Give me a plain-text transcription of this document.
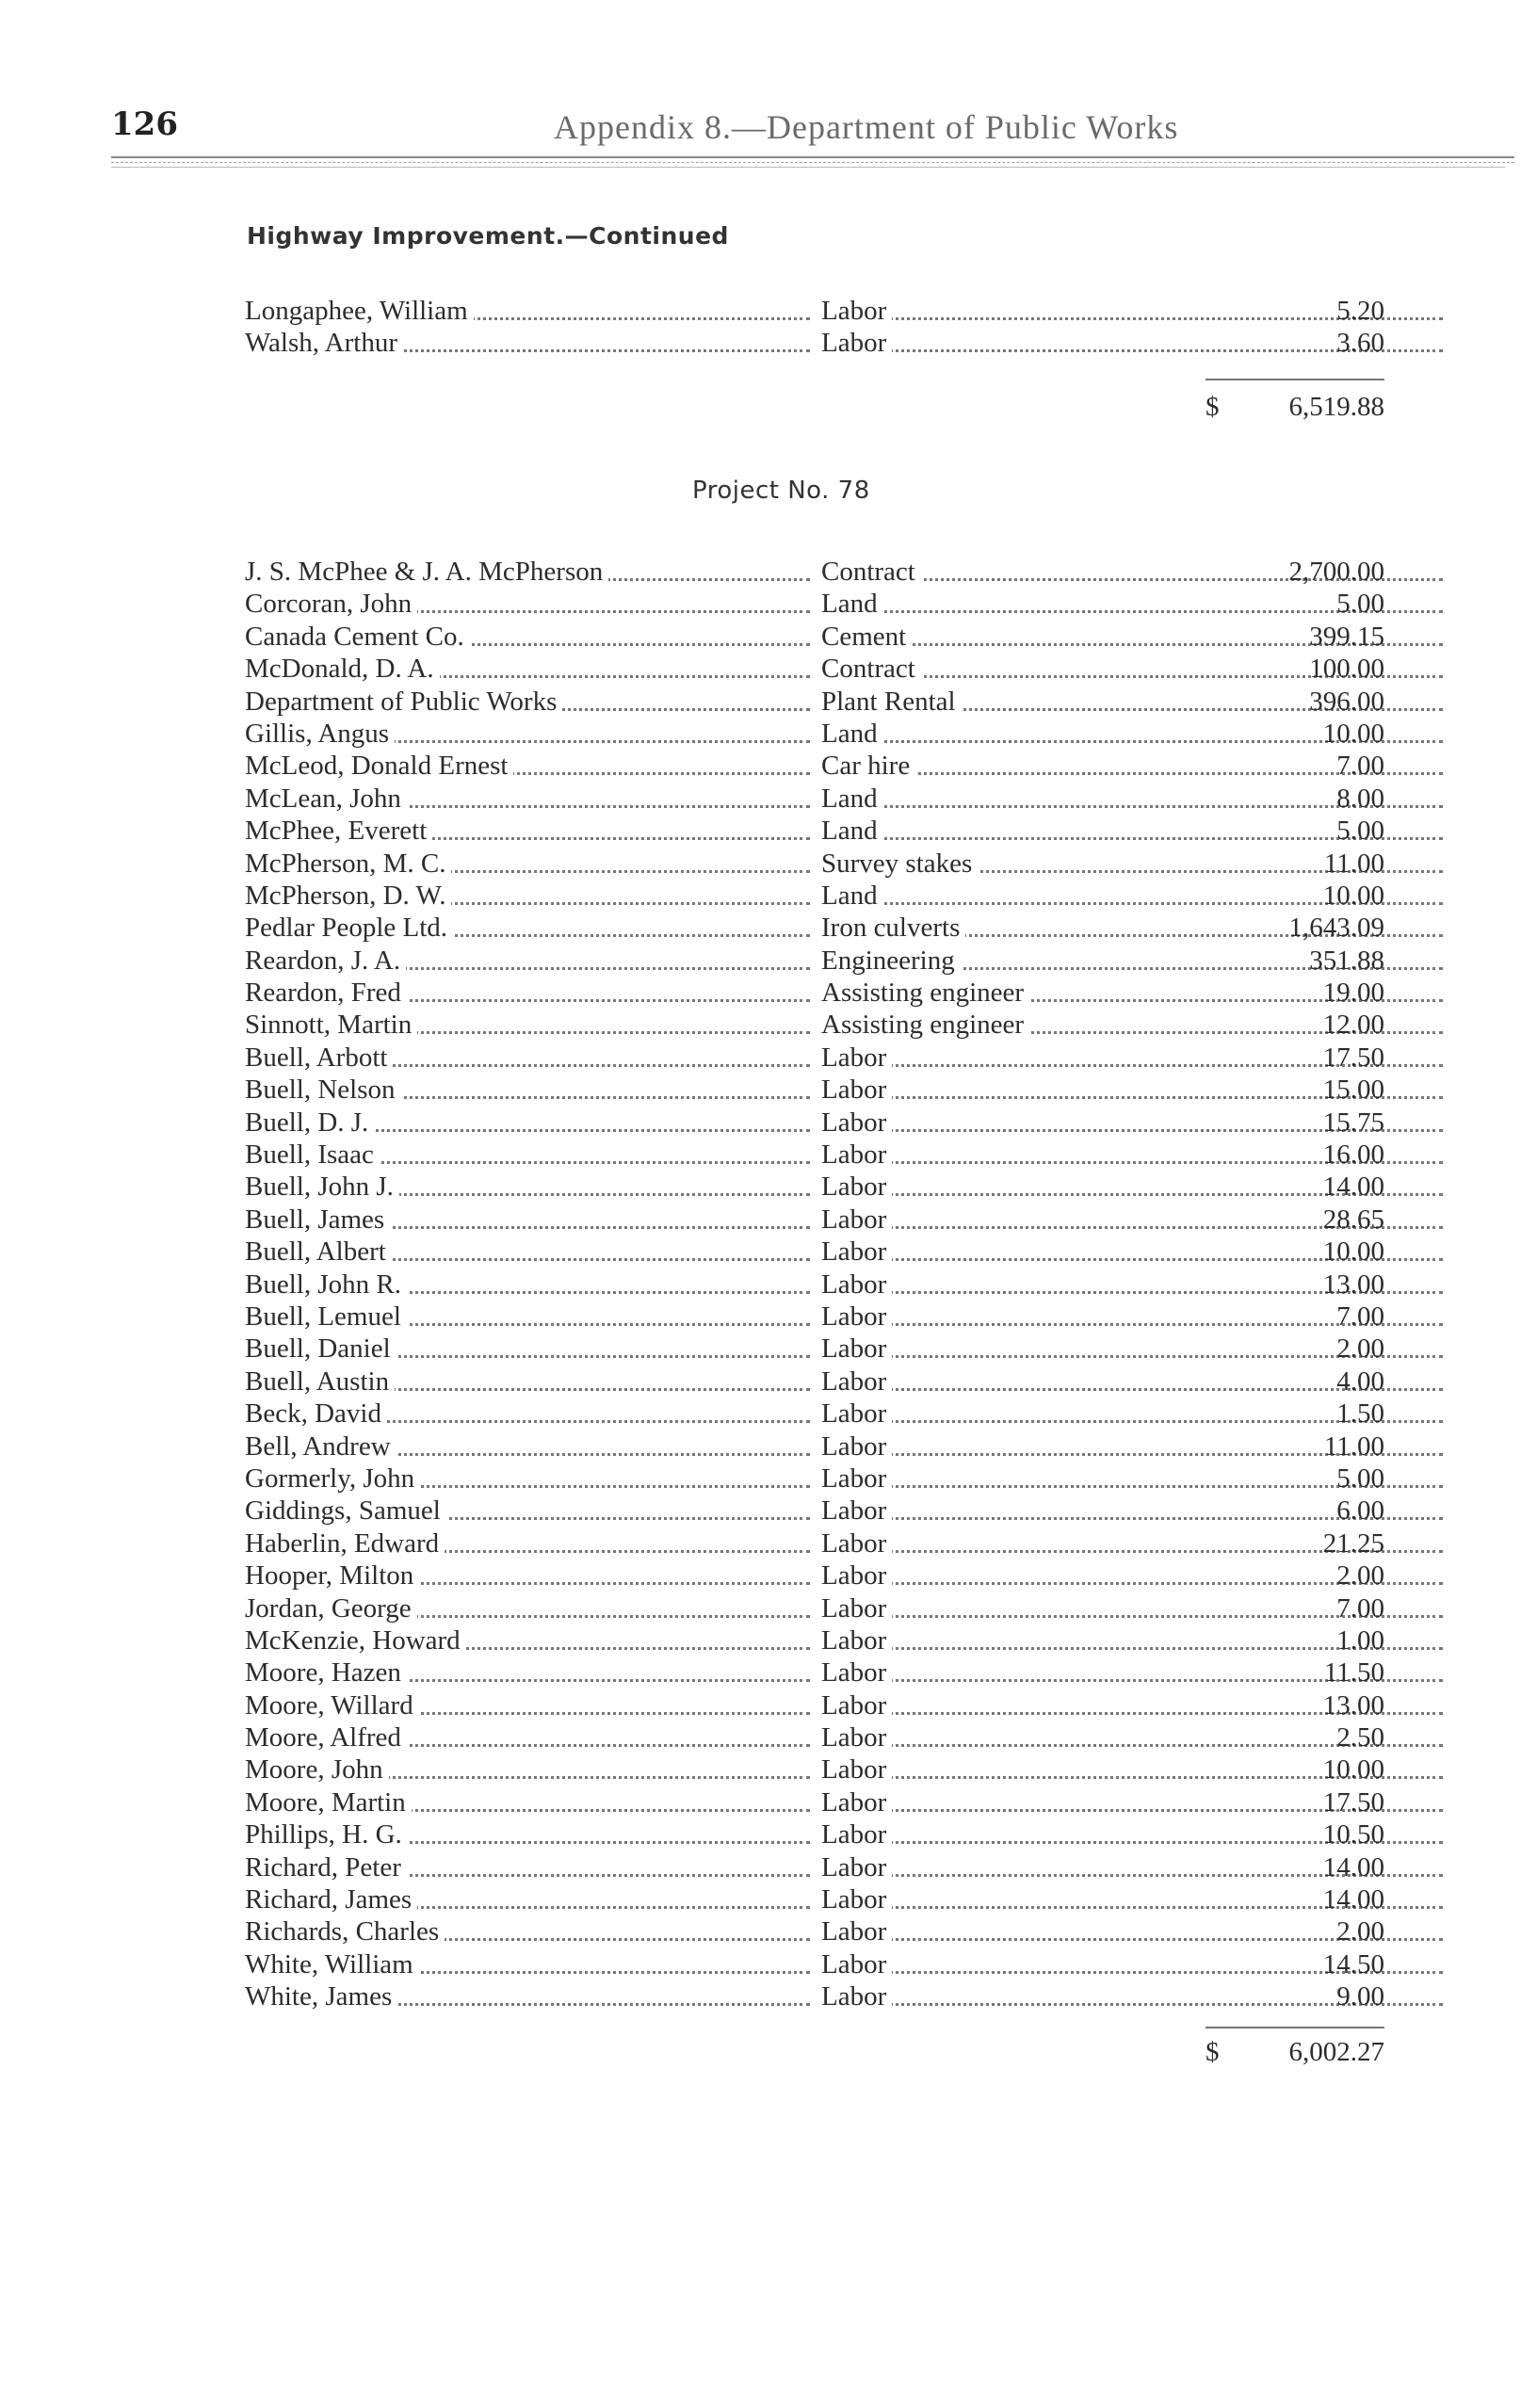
126	Appendix 8.—Department of Public Works
Highway Improvement.—Continued
Longaphee, William	Labor	5.20
Walsh, Arthur	Labor	3.60
$	6,519.88
Project No. 78
J. S. McPhee & J. A. McPherson	Contract	2,700.00
Corcoran, John	Land	5.00
Canada Cement Co.	Cement	399.15
McDonald, D. A.	Contract	100.00
Department of Public Works	Plant Rental	396.00
Gillis, Angus	Land	10.00
McLeod, Donald Ernest	Car hire	7.00
McLean, John	Land	8.00
McPhee, Everett	Land	5.00
McPherson, M. C.	Survey stakes	11.00
McPherson, D. W.	Land	10.00
Pedlar People Ltd.	Iron culverts	1,643.09
Reardon, J. A.	Engineering	351.88
Reardon, Fred	Assisting engineer	19.00
Sinnott, Martin	Assisting engineer	12.00
Buell, Arbott	Labor	17.50
Buell, Nelson	Labor	15.00
Buell, D. J.	Labor	15.75
Buell, Isaac	Labor	16.00
Buell, John J.	Labor	14.00
Buell, James	Labor	28.65
Buell, Albert	Labor	10.00
Buell, John R.	Labor	13.00
Buell, Lemuel	Labor	7.00
Buell, Daniel	Labor	2.00
Buell, Austin	Labor	4.00
Beck, David	Labor	1.50
Bell, Andrew	Labor	11.00
Gormerly, John	Labor	5.00
Giddings, Samuel	Labor	6.00
Haberlin, Edward	Labor	21.25
Hooper, Milton	Labor	2.00
Jordan, George	Labor	7.00
McKenzie, Howard	Labor	1.00
Moore, Hazen	Labor	11.50
Moore, Willard	Labor	13.00
Moore, Alfred	Labor	2.50
Moore, John	Labor	10.00
Moore, Martin	Labor	17.50
Phillips, H. G.	Labor	10.50
Richard, Peter	Labor	14.00
Richard, James	Labor	14.00
Richards, Charles	Labor	2.00
White, William	Labor	14.50
White, James	Labor	9.00
$	6,002.27
